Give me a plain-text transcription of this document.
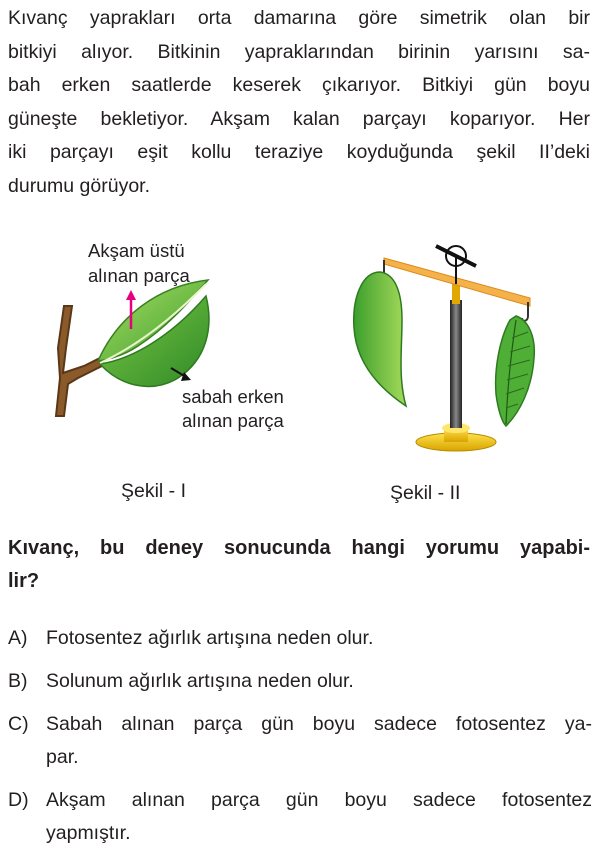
Kıvanç yaprakları orta damarına göre simetrik olan bir
bitkiyi alıyor. Bitkinin yapraklarından birinin yarısını sa-
bah erken saatlerde keserek çıkarıyor. Bitkiyi gün boyu
güneşte bekletiyor. Akşam kalan parçayı koparıyor. Her
iki parçayı eşit kollu teraziye koyduğunda şekil II’deki
durumu görüyor.
Akşam üstü
alınan parça
sabah erken
alınan parça
Şekil - I	Şekil - II
Kıvanç, bu deney sonucunda hangi yorumu yapabi-
lir?
A) Fotosentez ağırlık artışına neden olur.
B) Solunum ağırlık artışına neden olur.
C) Sabah alınan parça gün boyu sadece fotosentez ya-
par.
D) Akşam alınan parça gün boyu sadece fotosentez
yapmıştır.
